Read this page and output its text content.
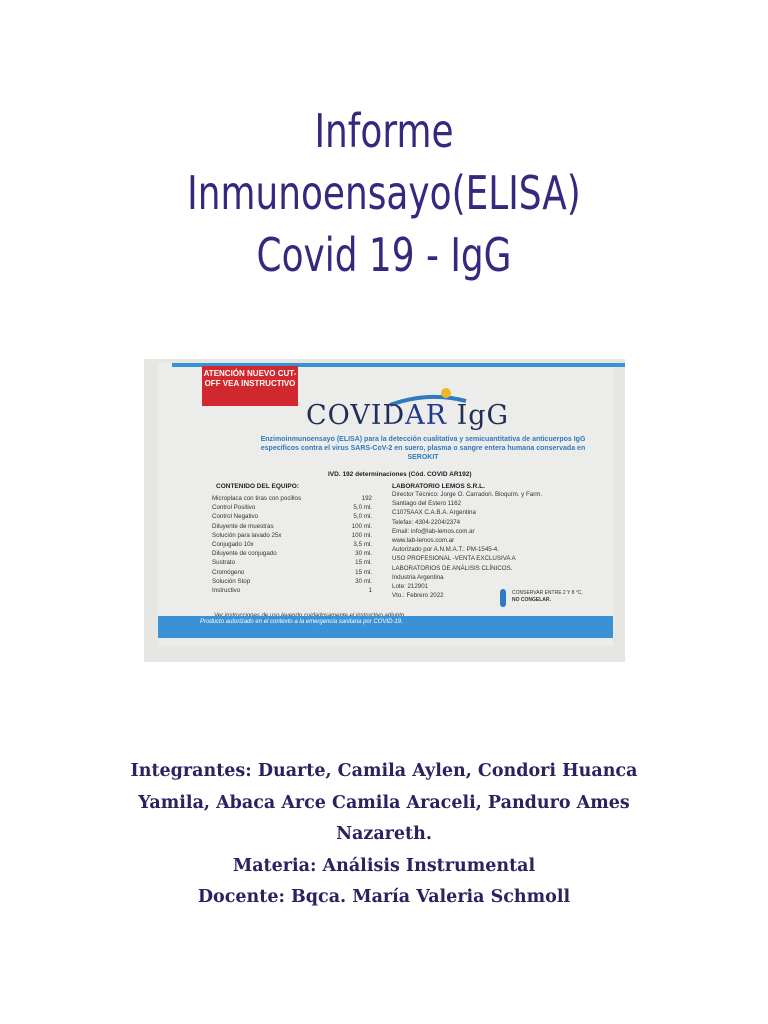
Informe
Inmunoensayo(ELISA)
Covid 19 - IgG
ATENCIÓN NUEVO CUT-OFF VEA INSTRUCTIVO
COVIDAR IgG
Enzimoinmunoensayo (ELISA) para la detección cualitativa y semicuantitativa de anticuerpos IgG específicos contra el virus SARS-CoV-2 en suero, plasma o sangre entera humana conservada en SEROKIT
IVD. 192 determinaciones (Cód. COVID AR192)
CONTENIDO DEL EQUIPO:	LABORATORIO LEMOS S.R.L.
Microplaca con tiras con pocillos	192
Control Positivo	5,0 ml.
Control Negativo	5,0 ml.
Diluyente de muestras	100 ml.
Solución para lavado 25x	100 ml.
Conjugado 10x	3,5 ml.
Diluyente de conjugado	30 ml.
Sustrato	15 ml.
Cromógeno	15 ml.
Solución Stop	30 ml.
Instructivo	1
Director Técnico: Jorge O. Carradori. Bioquím. y Farm.
Santiago del Estero 1162
C1075AAX C.A.B.A. Argentina
Telefax: 4304-2204/2374
Email: info@lab-lemos.com.ar
www.lab-lemos.com.ar
Autorizado por A.N.M.A.T.: PM-1545-4.
USO PROFESIONAL -VENTA EXCLUSIVA A
LABORATORIOS DE ANÁLISIS CLÍNICOS.
Industria Argentina
Lote: 212901
Vto.: Febrero 2022	CONSERVAR ENTRE 2 Y 8 °C.
NO CONGELAR.
Producto autorizado en el contexto a la emergencia sanitaria por COVID-19.
Integrantes: Duarte, Camila Aylen, Condori Huanca
Yamila, Abaca Arce Camila Araceli, Panduro Ames
Nazareth.
Materia: Análisis Instrumental
Docente: Bqca. María Valeria Schmoll
